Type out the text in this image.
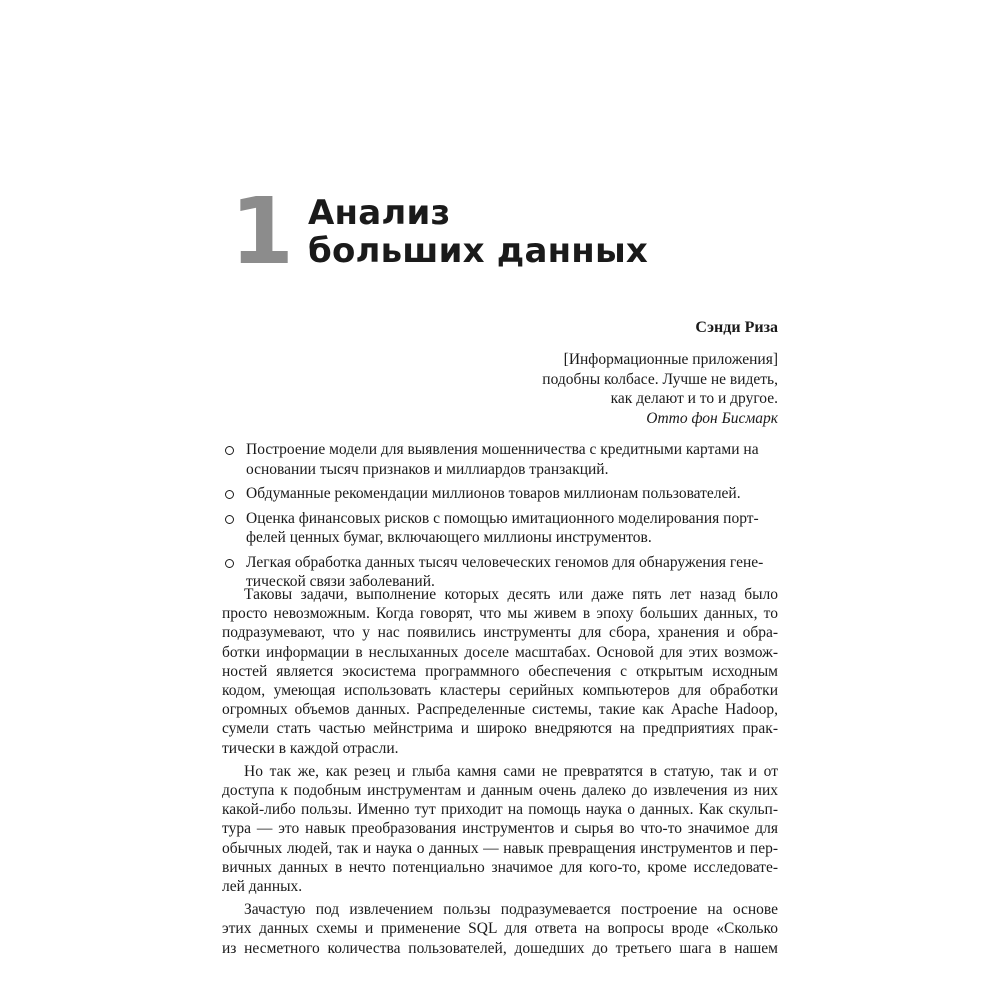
1 Анализ
больших данных
Сэнди Риза
[Информационные приложения]
подобны колбасе. Лучше не видеть,
как делают и то и другое.
Отто фон Бисмарк
Построение модели для выявления мошенничества с кредитными картами на
основании тысяч признаков и миллиардов транзакций.
Обдуманные рекомендации миллионов товаров миллионам пользователей.
Оценка финансовых рисков с помощью имитационного моделирования порт-
фелей ценных бумаг, включающего миллионы инструментов.
Легкая обработка данных тысяч человеческих геномов для обнаружения гене-
тической связи заболеваний.
Таковы задачи, выполнение которых десять или даже пять лет назад было
просто невозможным. Когда говорят, что мы живем в эпоху больших данных, то
подразумевают, что у нас появились инструменты для сбора, хранения и обра-
ботки информации в неслыханных доселе масштабах. Основой для этих возмож-
ностей является экосистема программного обеспечения с открытым исходным
кодом, умеющая использовать кластеры серийных компьютеров для обработки
огромных объемов данных. Распределенные системы, такие как Apache Hadoop,
сумели стать частью мейнстрима и широко внедряются на предприятиях прак-
тически в каждой отрасли.
Но так же, как резец и глыба камня сами не превратятся в статую, так и от
доступа к подобным инструментам и данным очень далеко до извлечения из них
какой-либо пользы. Именно тут приходит на помощь наука о данных. Как скульп-
тура — это навык преобразования инструментов и сырья во что-то значимое для
обычных людей, так и наука о данных — навык превращения инструментов и пер-
вичных данных в нечто потенциально значимое для кого-то, кроме исследовате-
лей данных.
Зачастую под извлечением пользы подразумевается построение на основе
этих данных схемы и применение SQL для ответа на вопросы вроде «Сколько
из несметного количества пользователей, дошедших до третьего шага в нашем
